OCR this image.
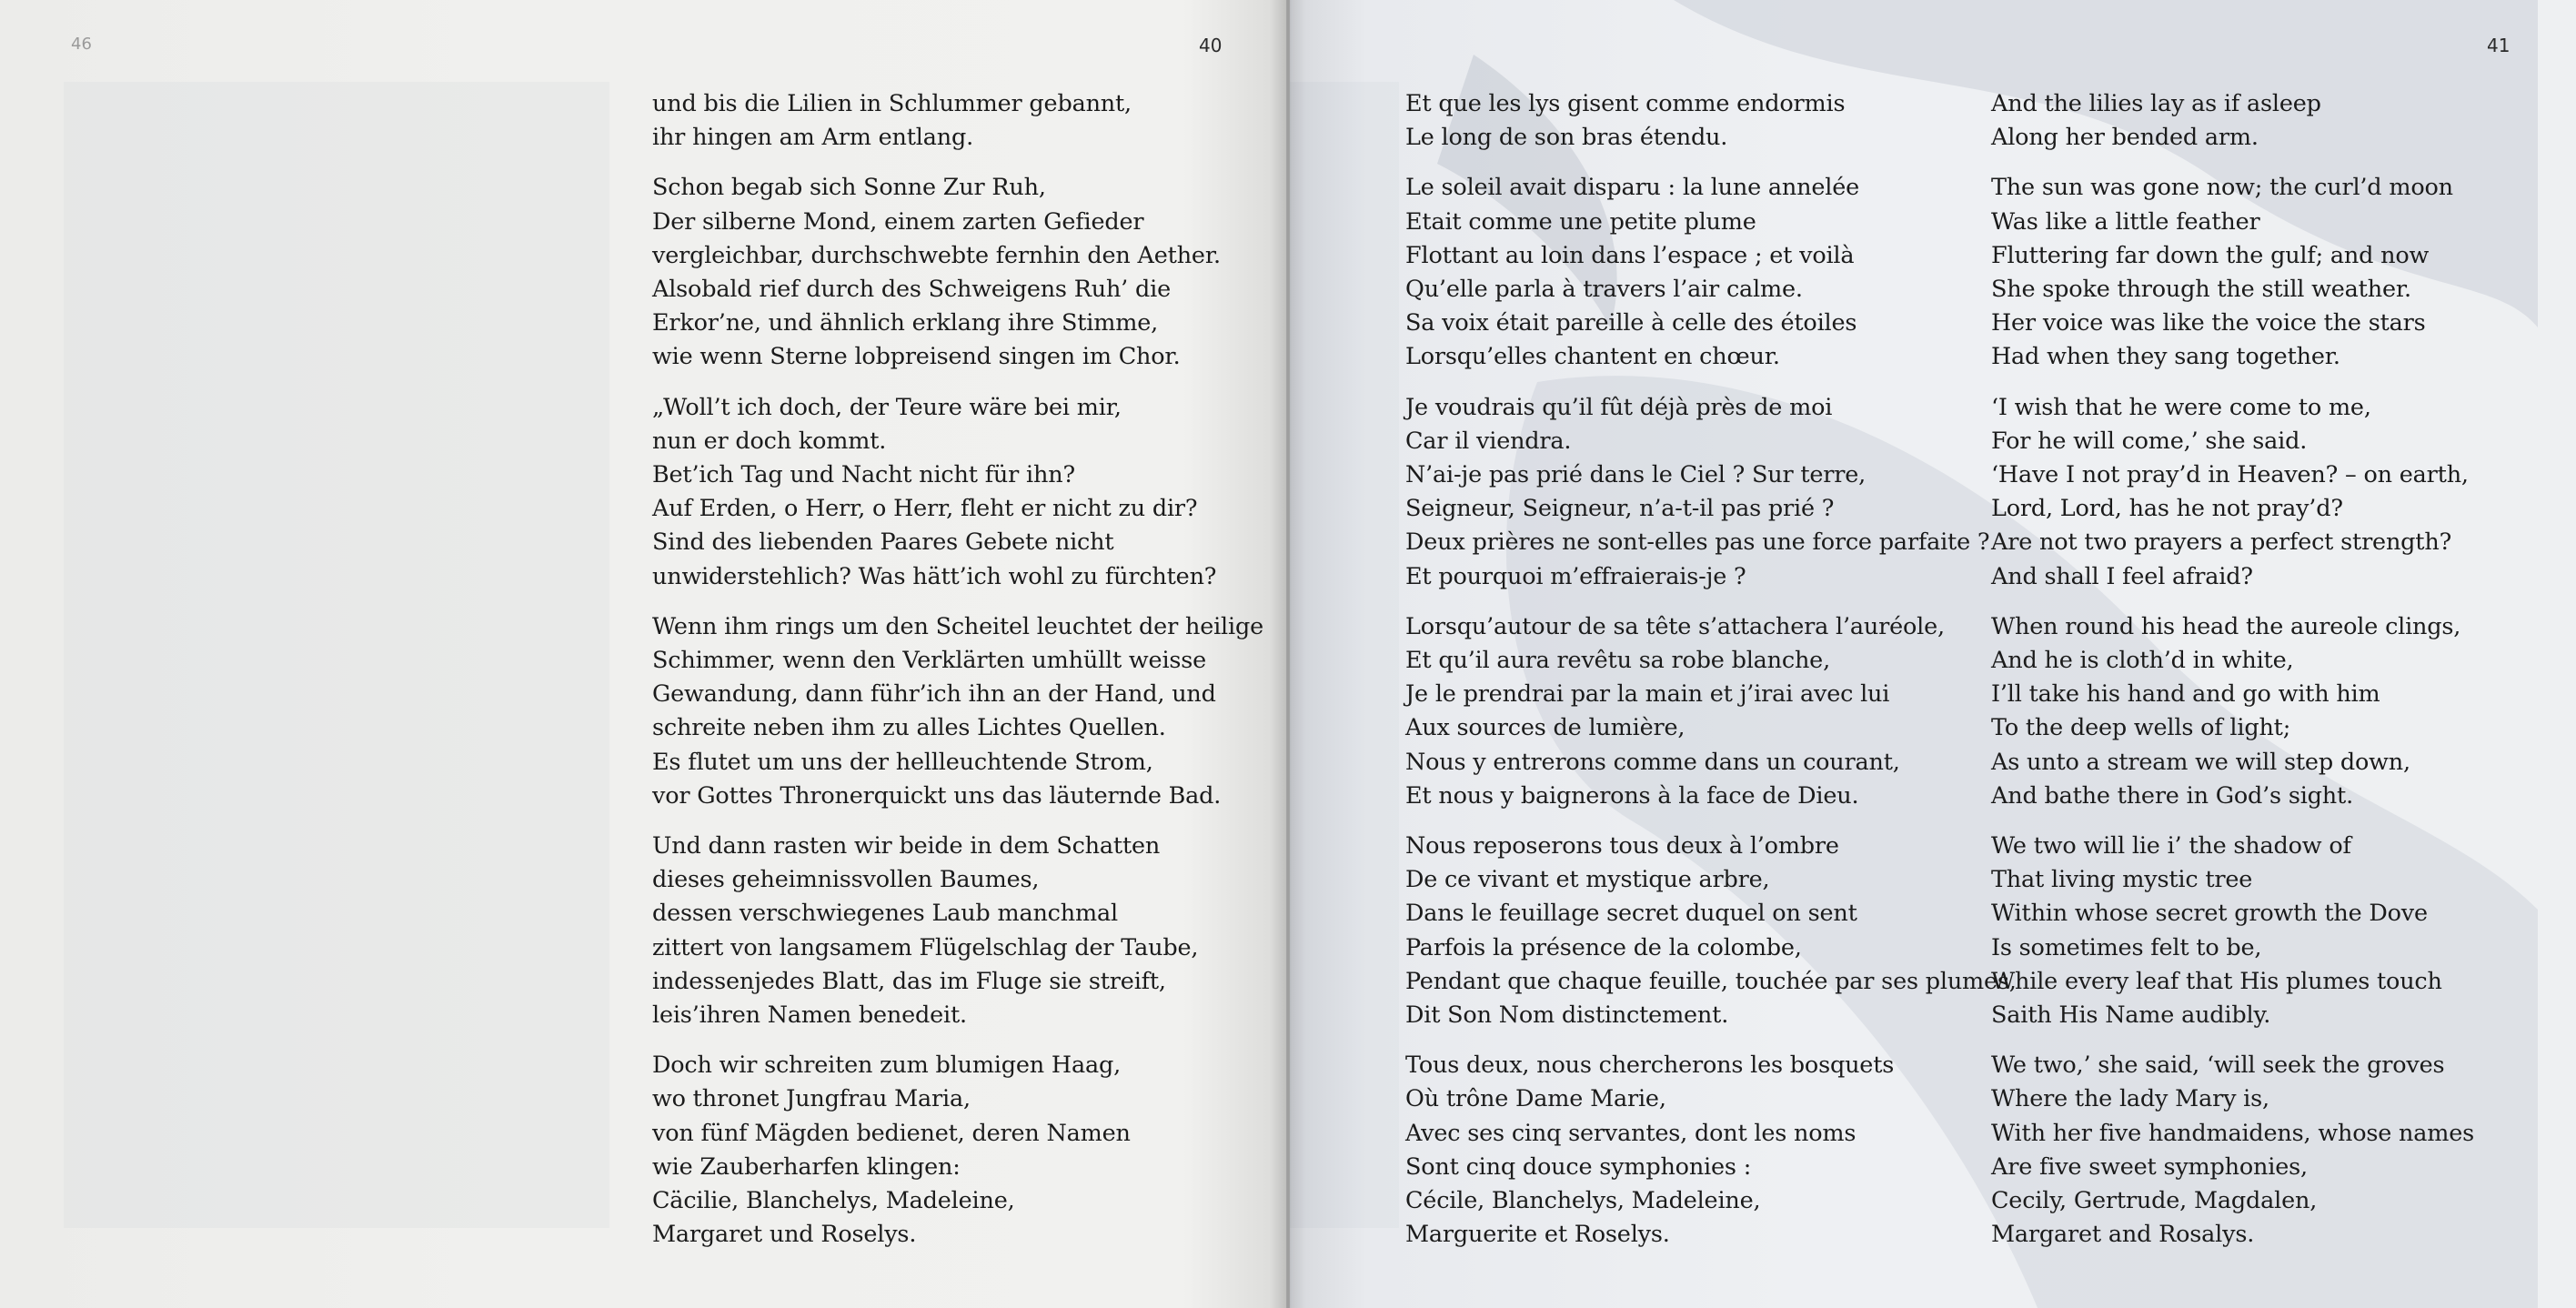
46	40	41
und bis die Lilien in Schlummer gebannt,
ihr hingen am Arm entlang.
Schon begab sich Sonne Zur Ruh,
Der silberne Mond, einem zarten Gefieder
vergleichbar, durchschwebte fernhin den Aether.
Alsobald rief durch des Schweigens Ruh’ die
Erkor’ne, und ähnlich erklang ihre Stimme,
wie wenn Sterne lobpreisend singen im Chor.
„Woll’t ich doch, der Teure wäre bei mir,
nun er doch kommt.
Bet’ich Tag und Nacht nicht für ihn?
Auf Erden, o Herr, o Herr, fleht er nicht zu dir?
Sind des liebenden Paares Gebete nicht
unwiderstehlich? Was hätt’ich wohl zu fürchten?
Wenn ihm rings um den Scheitel leuchtet der heilige
Schimmer, wenn den Verklärten umhüllt weisse
Gewandung, dann führ’ich ihn an der Hand, und
schreite neben ihm zu alles Lichtes Quellen.
Es flutet um uns der hellleuchtende Strom,
vor Gottes Thronerquickt uns das läuternde Bad.
Und dann rasten wir beide in dem Schatten
dieses geheimnissvollen Baumes,
dessen verschwiegenes Laub manchmal
zittert von langsamem Flügelschlag der Taube,
indessenjedes Blatt, das im Fluge sie streift,
leis’ihren Namen benedeit.
Doch wir schreiten zum blumigen Haag,
wo thronet Jungfrau Maria,
von fünf Mägden bedienet, deren Namen
wie Zauberharfen klingen:
Cäcilie, Blanchelys, Madeleine,
Margaret und Roselys.
Et que les lys gisent comme endormis
Le long de son bras étendu.
Le soleil avait disparu : la lune annelée
Etait comme une petite plume
Flottant au loin dans l’espace ; et voilà
Qu’elle parla à travers l’air calme.
Sa voix était pareille à celle des étoiles
Lorsqu’elles chantent en chœur.
Je voudrais qu’il fût déjà près de moi
Car il viendra.
N’ai-je pas prié dans le Ciel ? Sur terre,
Seigneur, Seigneur, n’a-t-il pas prié ?
Deux prières ne sont-elles pas une force parfaite ?
Et pourquoi m’effraierais-je ?
Lorsqu’autour de sa tête s’attachera l’auréole,
Et qu’il aura revêtu sa robe blanche,
Je le prendrai par la main et j’irai avec lui
Aux sources de lumière,
Nous y entrerons comme dans un courant,
Et nous y baignerons à la face de Dieu.
Nous reposerons tous deux à l’ombre
De ce vivant et mystique arbre,
Dans le feuillage secret duquel on sent
Parfois la présence de la colombe,
Pendant que chaque feuille, touchée par ses plumes,
Dit Son Nom distinctement.
Tous deux, nous chercherons les bosquets
Où trône Dame Marie,
Avec ses cinq servantes, dont les noms
Sont cinq douce symphonies :
Cécile, Blanchelys, Madeleine,
Marguerite et Roselys.
And the lilies lay as if asleep
Along her bended arm.
The sun was gone now; the curl’d moon
Was like a little feather
Fluttering far down the gulf; and now
She spoke through the still weather.
Her voice was like the voice the stars
Had when they sang together.
‘I wish that he were come to me,
For he will come,’ she said.
‘Have I not pray’d in Heaven? – on earth,
Lord, Lord, has he not pray’d?
Are not two prayers a perfect strength?
And shall I feel afraid?
When round his head the aureole clings,
And he is cloth’d in white,
I’ll take his hand and go with him
To the deep wells of light;
As unto a stream we will step down,
And bathe there in God’s sight.
We two will lie i’ the shadow of
That living mystic tree
Within whose secret growth the Dove
Is sometimes felt to be,
While every leaf that His plumes touch
Saith His Name audibly.
We two,’ she said, ‘will seek the groves
Where the lady Mary is,
With her five handmaidens, whose names
Are five sweet symphonies,
Cecily, Gertrude, Magdalen,
Margaret and Rosalys.
